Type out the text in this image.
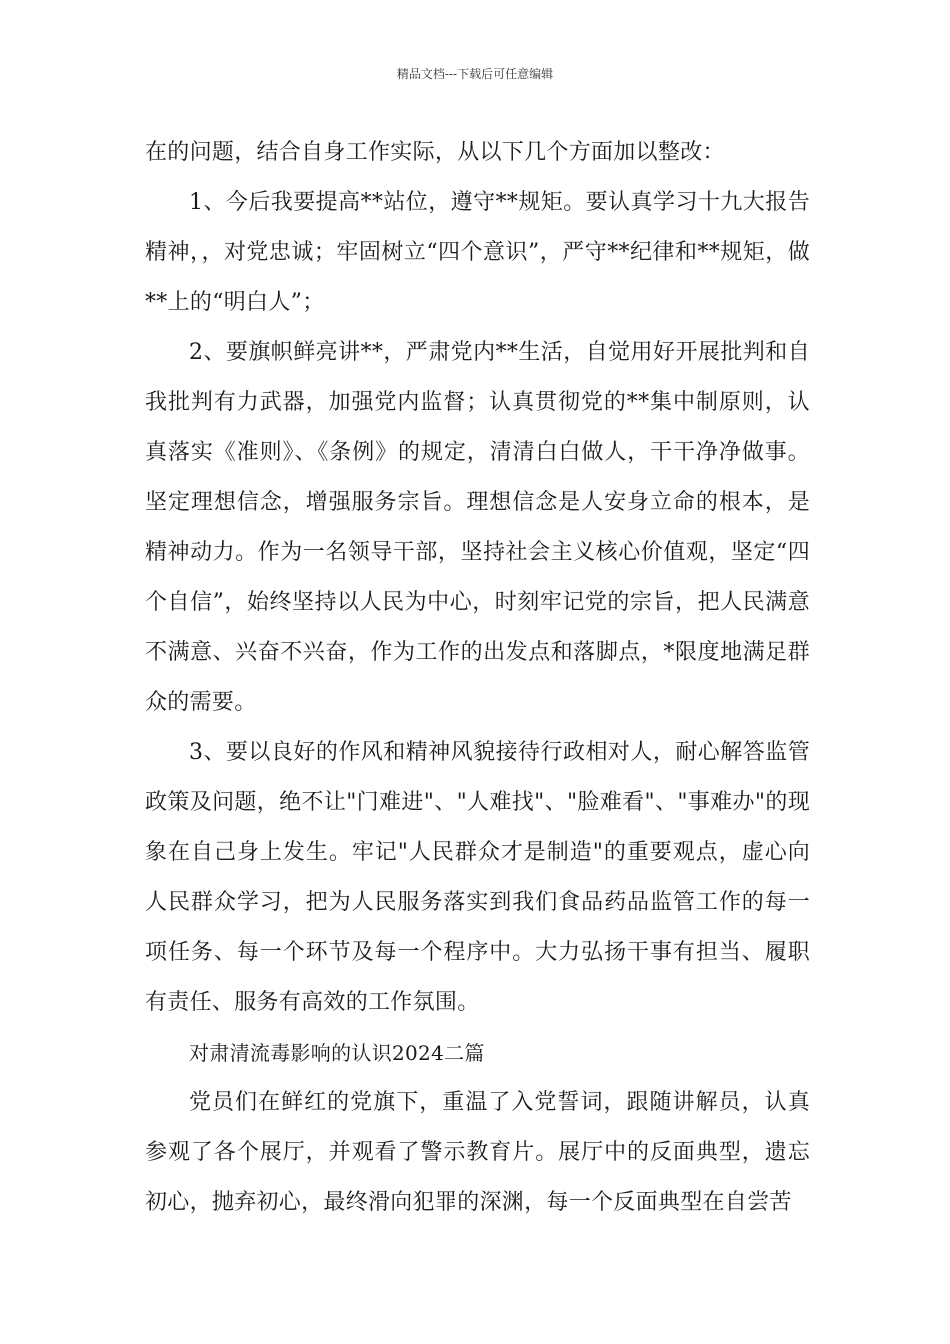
精品文档---下载后可任意编辑

在的问题，结合自身工作实际，从以下几个方面加以整改：

1、今后我要提高**站位，遵守**规矩。要认真学习十九大报告精神，，对党忠诚；牢固树立“四个意识”，严守**纪律和**规矩，做**上的“明白人”；

2、要旗帜鲜亮讲**，严肃党内**生活，自觉用好开展批判和自我批判有力武器，加强党内监督；认真贯彻党的**集中制原则，认真落实《准则》、《条例》的规定，清清白白做人，干干净净做事。坚定理想信念，增强服务宗旨。理想信念是人安身立命的根本，是精神动力。作为一名领导干部，坚持社会主义核心价值观，坚定“四个自信”，始终坚持以人民为中心，时刻牢记党的宗旨，把人民满意不满意、兴奋不兴奋，作为工作的出发点和落脚点，*限度地满足群众的需要。

3、要以良好的作风和精神风貌接待行政相对人，耐心解答监管政策及问题，绝不让"门难进"、"人难找"、"脸难看"、"事难办"的现象在自己身上发生。牢记"人民群众才是制造"的重要观点，虚心向人民群众学习，把为人民服务落实到我们食品药品监管工作的每一项任务、每一个环节及每一个程序中。大力弘扬干事有担当、履职有责任、服务有高效的工作氛围。

对肃清流毒影响的认识2024二篇

党员们在鲜红的党旗下，重温了入党誓词，跟随讲解员，认真参观了各个展厅，并观看了警示教育片。展厅中的反面典型，遗忘初心，抛弃初心，最终滑向犯罪的深渊，每一个反面典型在自尝苦
